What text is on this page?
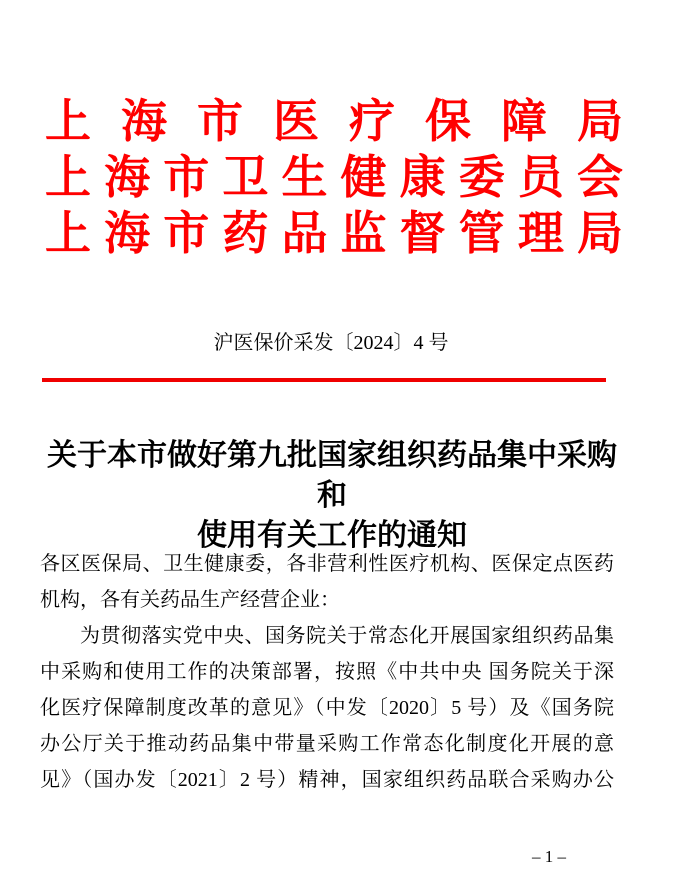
上海市医疗保障局
上海市卫生健康委员会
上海市药品监督管理局
沪医保价采发〔2024〕4 号
关于本市做好第九批国家组织药品集中采购和
使用有关工作的通知
各区医保局、卫生健康委，各非营利性医疗机构、医保定点医药
机构，各有关药品生产经营企业：
为贯彻落实党中央、国务院关于常态化开展国家组织药品集
中采购和使用工作的决策部署，按照《中共中央 国务院关于深
化医疗保障制度改革的意见》（中发〔2020〕5 号）及《国务院
办公厅关于推动药品集中带量采购工作常态化制度化开展的意
见》（国办发〔2021〕2 号）精神，国家组织药品联合采购办公
– 1 –
